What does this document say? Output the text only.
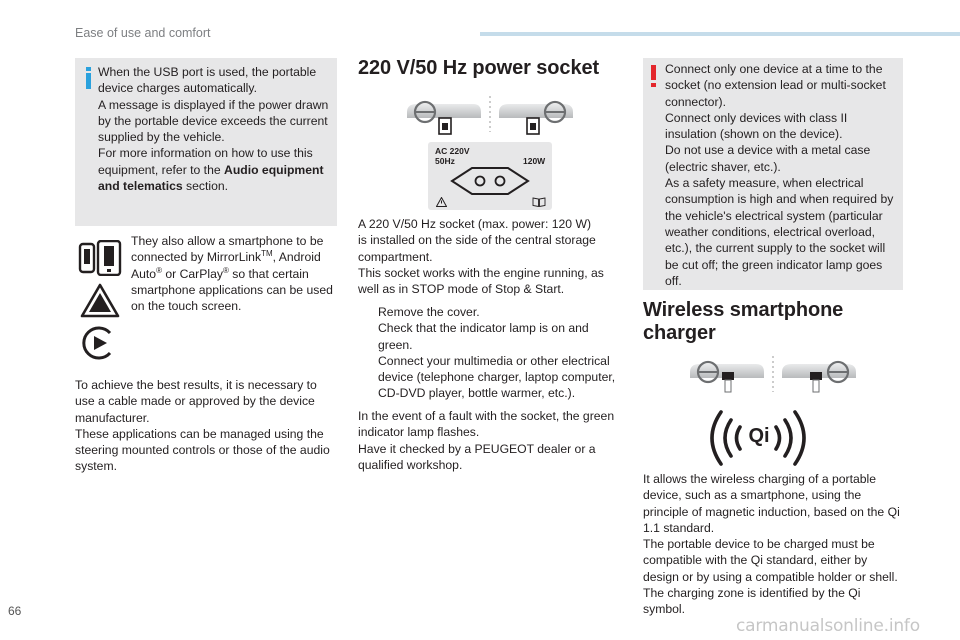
Ease of use and comfort
When the USB port is used, the portable
device charges automatically.
A message is displayed if the power drawn
by the portable device exceeds the current
supplied by the vehicle.
For more information on how to use this
equipment, refer to the Audio equipment
and telematics section.
They also allow a smartphone to be
connected by MirrorLink™, Android
Auto® or CarPlay® so that certain
smartphone applications can be used
on the touch screen.
To achieve the best results, it is necessary to
use a cable made or approved by the device
manufacturer.
These applications can be managed using the
steering mounted controls or those of the audio
system.
220 V/50 Hz power socket
AC 220V
50Hz	120W
A 220 V/50 Hz socket (max. power: 120 W)
is installed on the side of the central storage
compartment.
This socket works with the engine running, as
well as in STOP mode of Stop & Start.
Remove the cover.
Check that the indicator lamp is on and
green.
Connect your multimedia or other electrical
device (telephone charger, laptop computer,
CD-DVD player, bottle warmer, etc.).
In the event of a fault with the socket, the green
indicator lamp flashes.
Have it checked by a PEUGEOT dealer or a
qualified workshop.
Connect only one device at a time to the
socket (no extension lead or multi-socket
connector).
Connect only devices with class II
insulation (shown on the device).
Do not use a device with a metal case
(electric shaver, etc.).
As a safety measure, when electrical
consumption is high and when required by
the vehicle's electrical system (particular
weather conditions, electrical overload,
etc.), the current supply to the socket will
be cut off; the green indicator lamp goes
off.
Wireless smartphone
charger
Qi
It allows the wireless charging of a portable
device, such as a smartphone, using the
principle of magnetic induction, based on the Qi
1.1 standard.
The portable device to be charged must be
compatible with the Qi standard, either by
design or by using a compatible holder or shell.
The charging zone is identified by the Qi
symbol.
66
carmanualsonline.info
